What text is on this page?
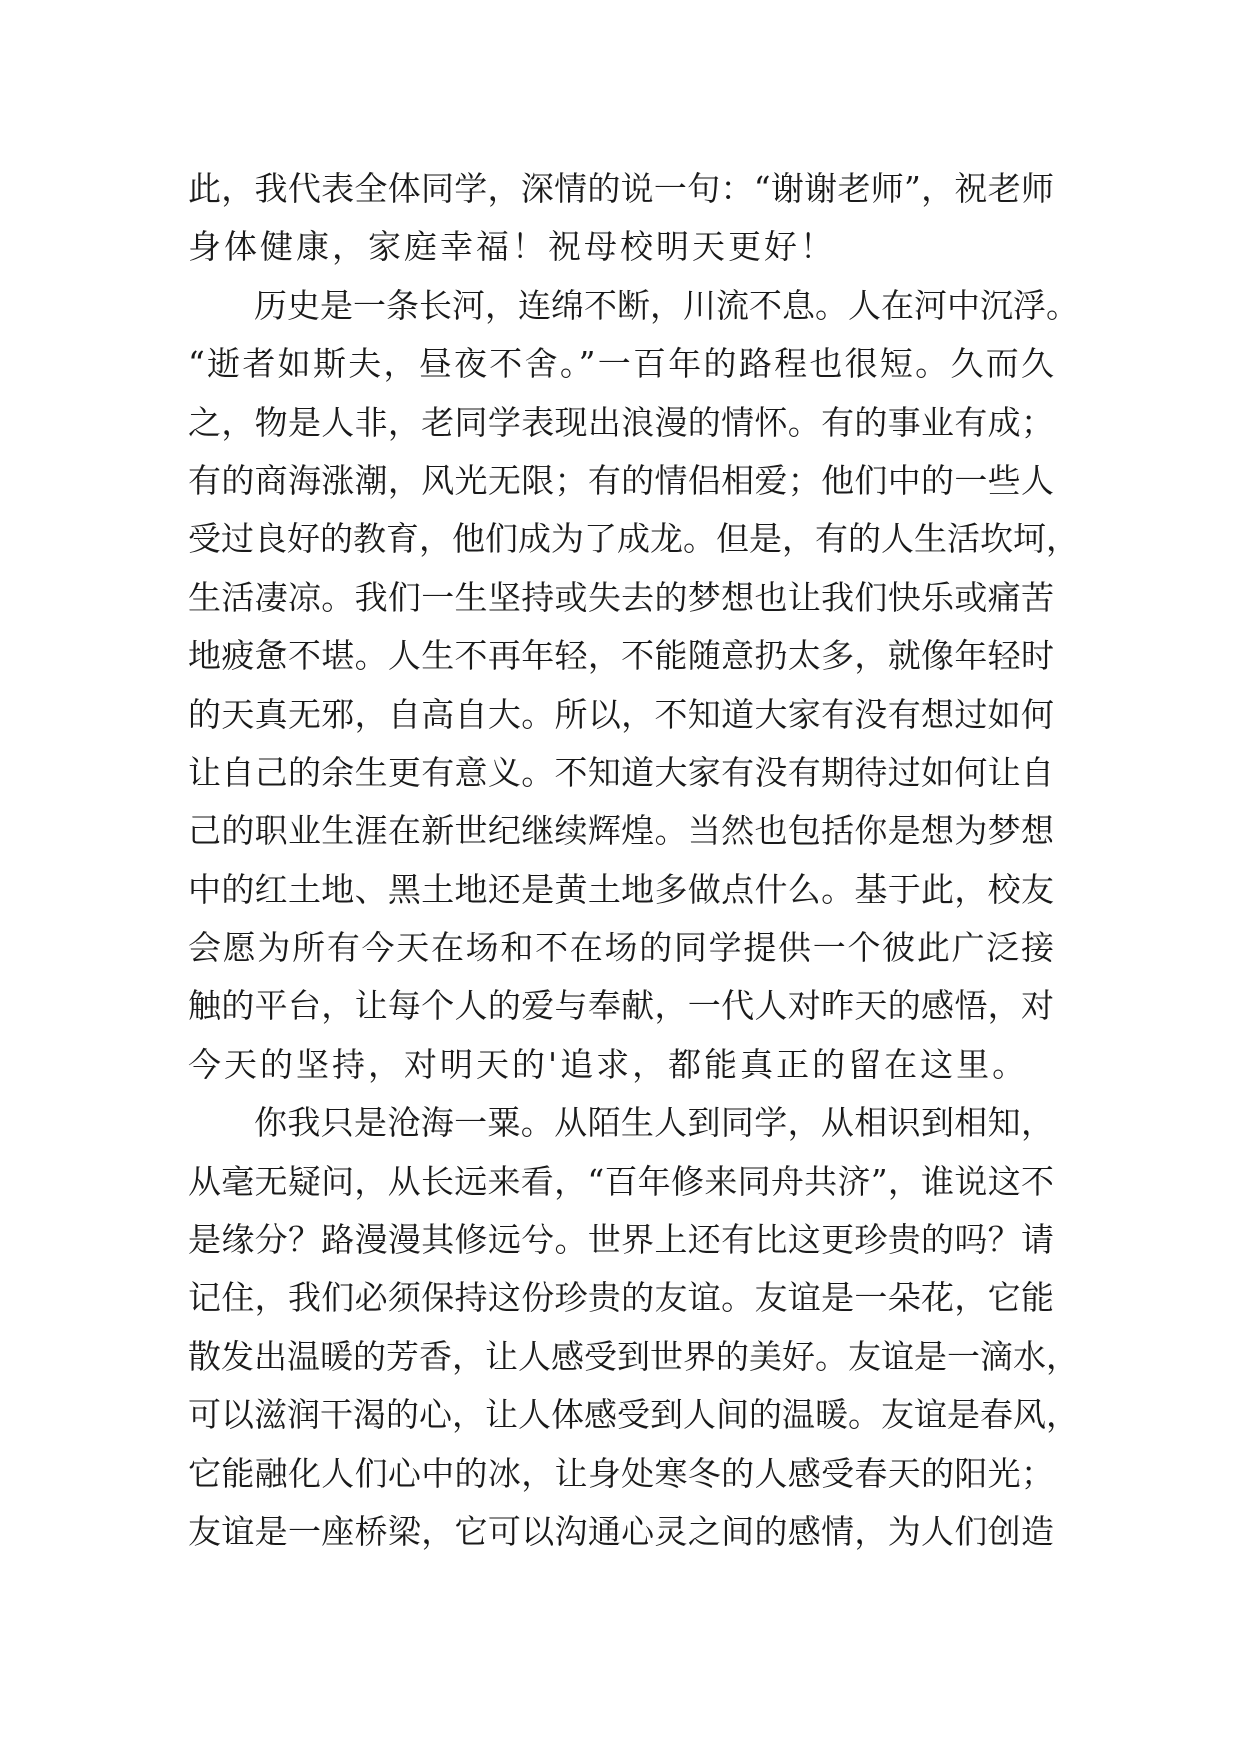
此，我代表全体同学，深情的说一句：“谢谢老师”，祝老师
身体健康，家庭幸福！祝母校明天更好！
历史是一条长河，连绵不断，川流不息。人在河中沉浮。
“逝者如斯夫，昼夜不舍。”一百年的路程也很短。久而久
之，物是人非，老同学表现出浪漫的情怀。有的事业有成；
有的商海涨潮，风光无限；有的情侣相爱；他们中的一些人
受过良好的教育，他们成为了成龙。但是，有的人生活坎坷，
生活凄凉。我们一生坚持或失去的梦想也让我们快乐或痛苦
地疲惫不堪。人生不再年轻，不能随意扔太多，就像年轻时
的天真无邪，自高自大。所以，不知道大家有没有想过如何
让自己的余生更有意义。不知道大家有没有期待过如何让自
己的职业生涯在新世纪继续辉煌。当然也包括你是想为梦想
中的红土地、黑土地还是黄土地多做点什么。基于此，校友
会愿为所有今天在场和不在场的同学提供一个彼此广泛接
触的平台，让每个人的爱与奉献，一代人对昨天的感悟，对
今天的坚持，对明天的'追求，都能真正的留在这里。
你我只是沧海一粟。从陌生人到同学，从相识到相知，
从毫无疑问，从长远来看，“百年修来同舟共济”，谁说这不
是缘分？路漫漫其修远兮。世界上还有比这更珍贵的吗？请
记住，我们必须保持这份珍贵的友谊。友谊是一朵花，它能
散发出温暖的芳香，让人感受到世界的美好。友谊是一滴水，
可以滋润干渴的心，让人体感受到人间的温暖。友谊是春风，
它能融化人们心中的冰，让身处寒冬的人感受春天的阳光；
友谊是一座桥梁，它可以沟通心灵之间的感情，为人们创造
